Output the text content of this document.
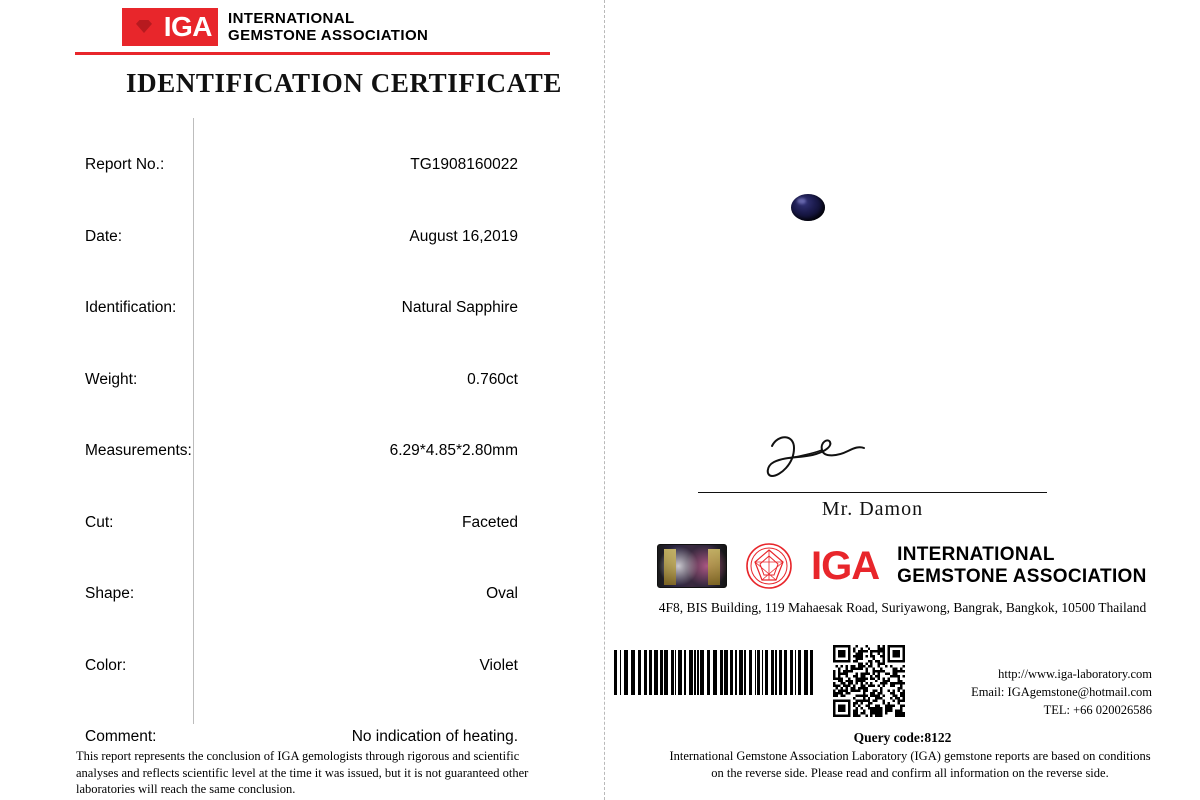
IGA INTERNATIONAL
GEMSTONE ASSOCIATION
IDENTIFICATION CERTIFICATE
Report No.:	TG1908160022
Date:	August 16,2019
Identification:	Natural Sapphire
Weight:	0.760ct
Measurements:	6.29*4.85*2.80mm
Cut:	Faceted
Shape:	Oval
Color:	Violet
Comment:	No indication of heating.
This report represents the conclusion of IGA gemologists through rigorous and scientific analyses and reflects scientific level at the time it was issued, but it is not guaranteed other laboratories will reach the same conclusion.
Mr. Damon
IGA INTERNATIONAL
GEMSTONE ASSOCIATION
4F8, BIS Building, 119 Mahaesak Road, Suriyawong, Bangrak, Bangkok, 10500 Thailand
http://www.iga-laboratory.com
Email: IGAgemstone@hotmail.com
TEL: +66 020026586
Query code:8122
International Gemstone Association Laboratory (IGA) gemstone reports are based on conditions on the reverse side. Please read and confirm all information on the reverse side.
